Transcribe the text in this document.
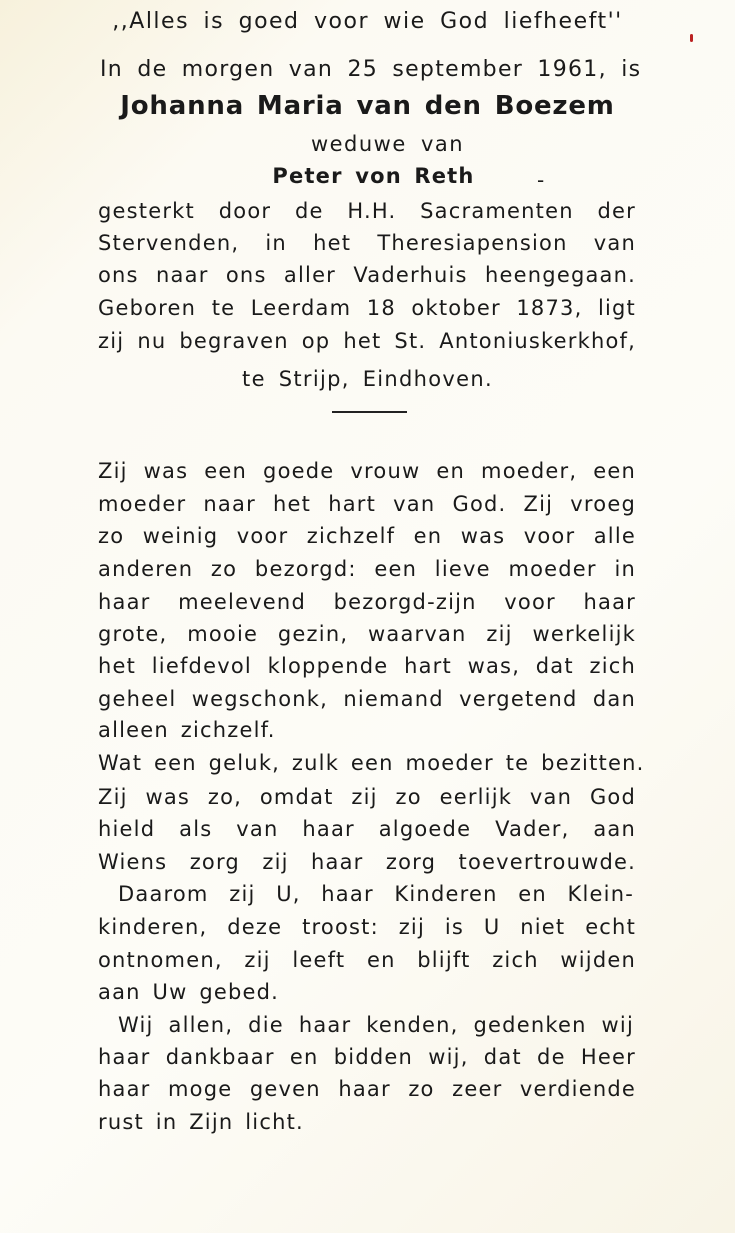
,,Alles is goed voor wie God liefheeft''
In de morgen van 25 september 1961, is
Johanna Maria van den Boezem
weduwe van
Peter von Reth	-
gesterkt door de H.H. Sacramenten der
Stervenden, in het Theresiapension van
ons naar ons aller Vaderhuis heengegaan.
Geboren te Leerdam 18 oktober 1873, ligt
zij nu begraven op het St. Antoniuskerkhof,
te Strijp, Eindhoven.
Zij was een goede vrouw en moeder, een
moeder naar het hart van God. Zij vroeg
zo weinig voor zichzelf en was voor alle
anderen zo bezorgd: een lieve moeder in
haar meelevend bezorgd-zijn voor haar
grote, mooie gezin, waarvan zij werkelijk
het liefdevol kloppende hart was, dat zich
geheel wegschonk, niemand vergetend dan
alleen zichzelf.
Wat een geluk, zulk een moeder te bezitten.
Zij was zo, omdat zij zo eerlijk van God
hield als van haar algoede Vader, aan
Wiens zorg zij haar zorg toevertrouwde.
Daarom zij U, haar Kinderen en Klein-
kinderen, deze troost: zij is U niet echt
ontnomen, zij leeft en blijft zich wijden
aan Uw gebed.
Wij allen, die haar kenden, gedenken wij
haar dankbaar en bidden wij, dat de Heer
haar moge geven haar zo zeer verdiende
rust in Zijn licht.
